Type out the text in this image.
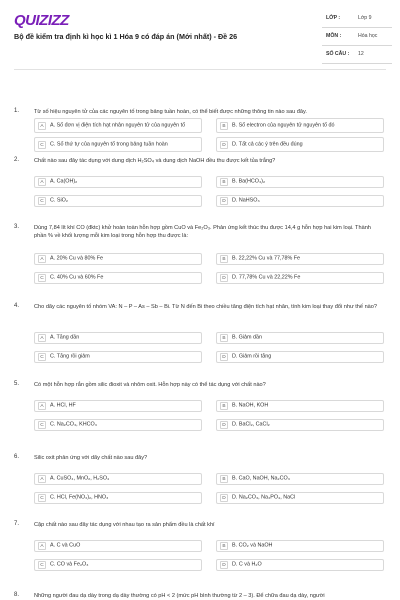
QUIZIZZ
Bộ đề kiểm tra định kì học kì 1 Hóa 9 có đáp án (Mới nhất) - Đề 26
LỚP :	Lớp 9
MÔN :	Hóa học
SỐ CÂU : 12
1.	Từ số hiệu nguyên tử của các nguyên tố trong bảng tuần hoàn, có thể biết được những thông tin nào sau đây.
A	A. Số đơn vị điện tích hạt nhân nguyên tử của nguyên tố	B	B. Số electron của nguyên tử nguyên tố đó
C	C. Số thứ tự của nguyên tố trong bảng tuần hoàn	D	D. Tất cả các ý trên đều đúng
2.	Chất nào sau đây tác dụng với dung dịch H₂SO₄ và dung dịch NaOH đều thu được kết tủa trắng?
A	A. Ca(OH)₂	B	B. Ba(HCO₃)₂
C	C. SiO₂	D	D. NaHSO₃
3.	Dùng 7,84 lít khí CO (đktc) khử hoàn toàn hỗn hợp gồm CuO và Fe₂O₃. Phản ứng kết thúc thu được 14,4 g hỗn hợp hai kim loại. Thành phần % về khối lượng mỗi kim loại trong hỗn hợp thu được là:
A	A. 20% Cu và 80% Fe	B	B. 22,22% Cu và 77,78% Fe
C	C. 40% Cu và 60% Fe	D	D. 77,78% Cu và 22,22% Fe
4.	Cho dãy các nguyên tố nhóm VA: N – P – As – Sb – Bi. Từ N đến Bi theo chiều tăng điện tích hạt nhân, tính kim loại thay đổi như thế nào?
A	A. Tăng dần	B	B. Giảm dần
C	C. Tăng rồi giảm	D	D. Giảm rồi tăng
5.	Có một hỗn hợp rắn gồm silic đioxit và nhôm oxit. Hỗn hợp này có thể tác dụng với chất nào?
A	A. HCl, HF	B	B. NaOH, KOH
C	C. Na₂CO₃, KHCO₃	D	D. BaCl₂, CaCl₂
6.	Silic oxit phản ứng với dãy chất nào sau đây?
A	A. CuSO₄, MnO₂, H₂SO₄	B	B. CaO, NaOH, Na₂CO₃
C	C. HCl, Fe(NO₃)₂, HNO₃	D	D. Na₂CO₃, Na₃PO₄, NaCl
7.	Cặp chất nào sau đây tác dụng với nhau tạo ra sản phẩm đều là chất khí
A	A. C và CuO	B	B. CO₂ và NaOH
C	C. CO và Fe₂O₃	D	D. C và H₂O
8.	Những người đau dạ dày trong dạ dày thường có pH < 2 (mức pH bình thường từ 2 – 3). Để chữa đau dạ dày, người
